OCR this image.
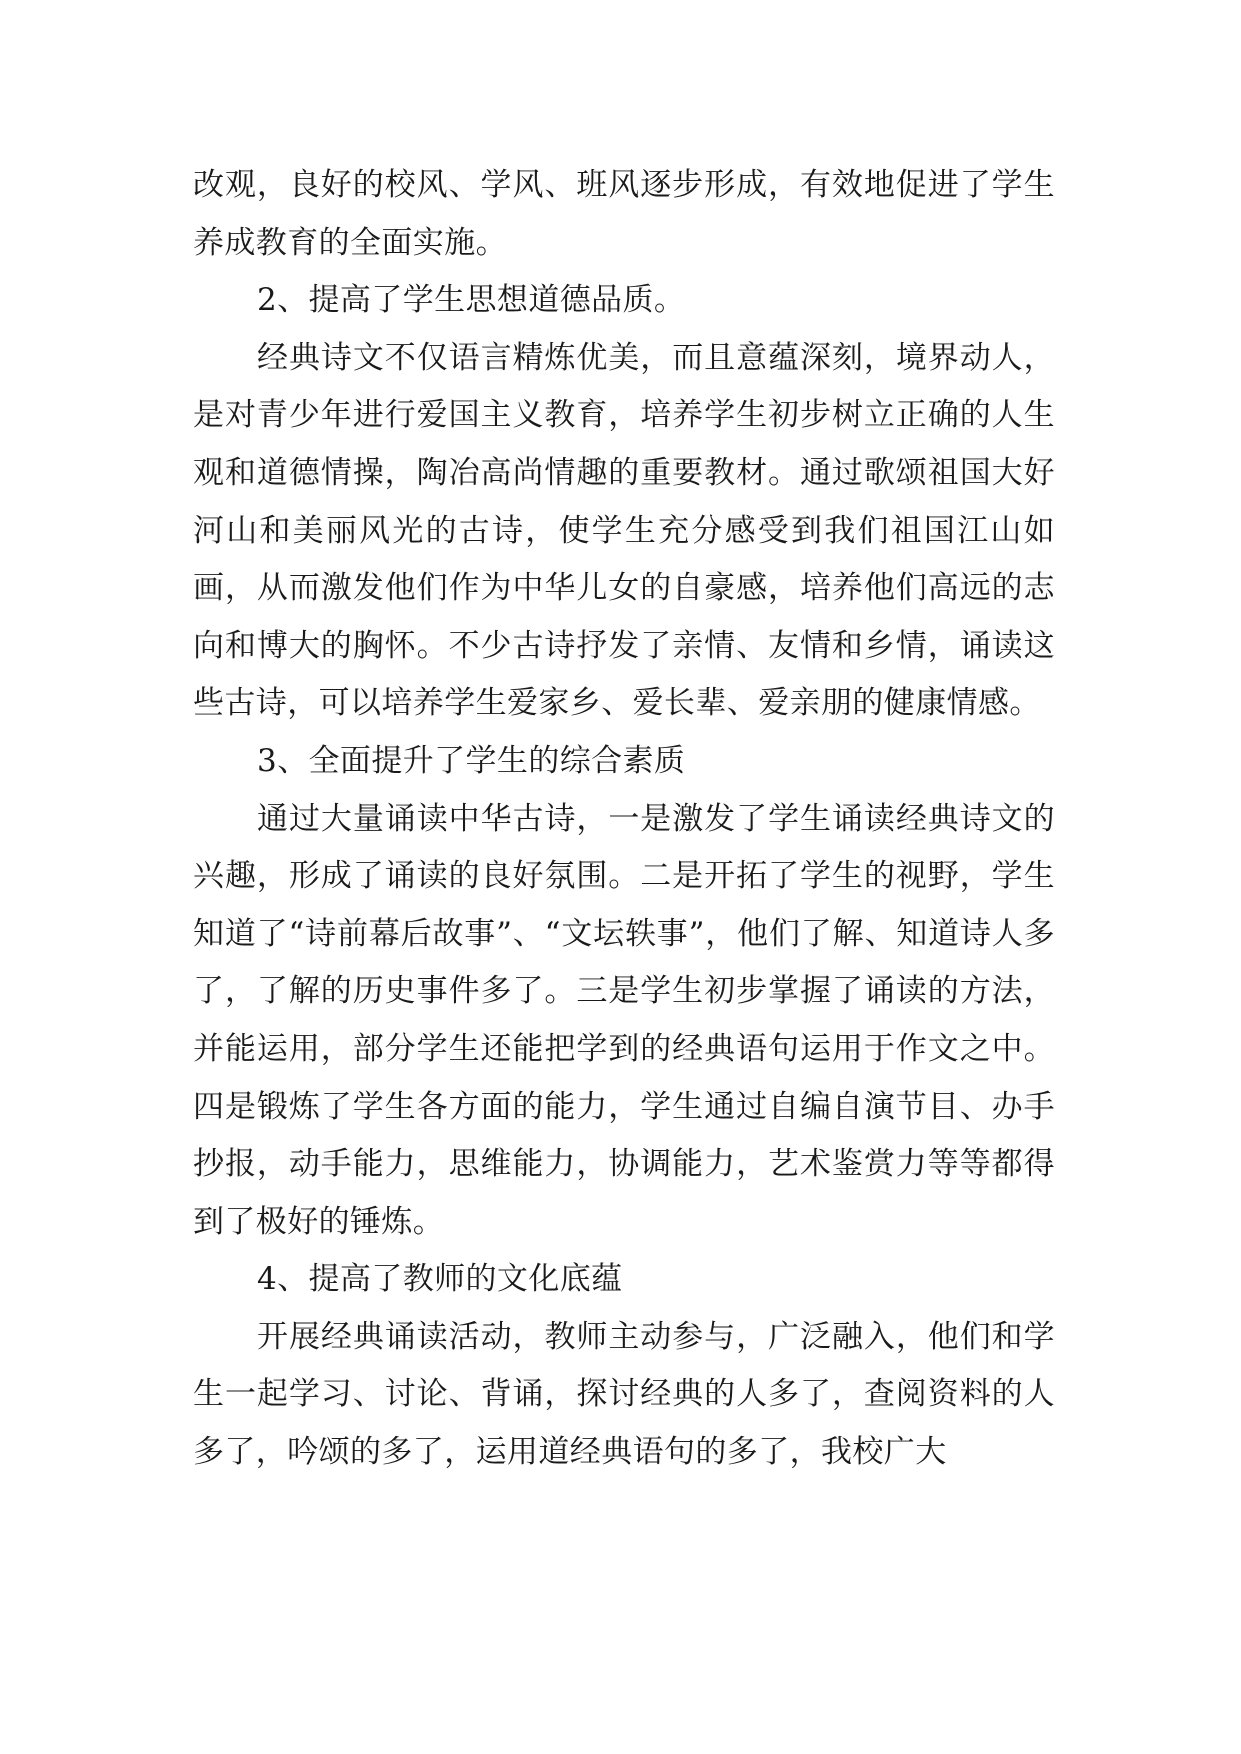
改观，良好的校风、学风、班风逐步形成，有效地促进了学生养成教育的全面实施。

2、提高了学生思想道德品质。

经典诗文不仅语言精炼优美，而且意蕴深刻，境界动人，是对青少年进行爱国主义教育，培养学生初步树立正确的人生观和道德情操，陶冶高尚情趣的重要教材。通过歌颂祖国大好河山和美丽风光的古诗，使学生充分感受到我们祖国江山如画，从而激发他们作为中华儿女的自豪感，培养他们高远的志向和博大的胸怀。不少古诗抒发了亲情、友情和乡情，诵读这些古诗，可以培养学生爱家乡、爱长辈、爱亲朋的健康情感。

3、全面提升了学生的综合素质

通过大量诵读中华古诗，一是激发了学生诵读经典诗文的兴趣，形成了诵读的良好氛围。二是开拓了学生的视野，学生知道了“诗前幕后故事”、“文坛轶事”，他们了解、知道诗人多了，了解的历史事件多了。三是学生初步掌握了诵读的方法，并能运用，部分学生还能把学到的经典语句运用于作文之中。四是锻炼了学生各方面的能力，学生通过自编自演节目、办手抄报，动手能力，思维能力，协调能力，艺术鉴赏力等等都得到了极好的锤炼。

4、提高了教师的文化底蕴

开展经典诵读活动，教师主动参与，广泛融入，他们和学生一起学习、讨论、背诵，探讨经典的人多了，查阅资料的人多了，吟颂的多了，运用道经典语句的多了，我校广大
